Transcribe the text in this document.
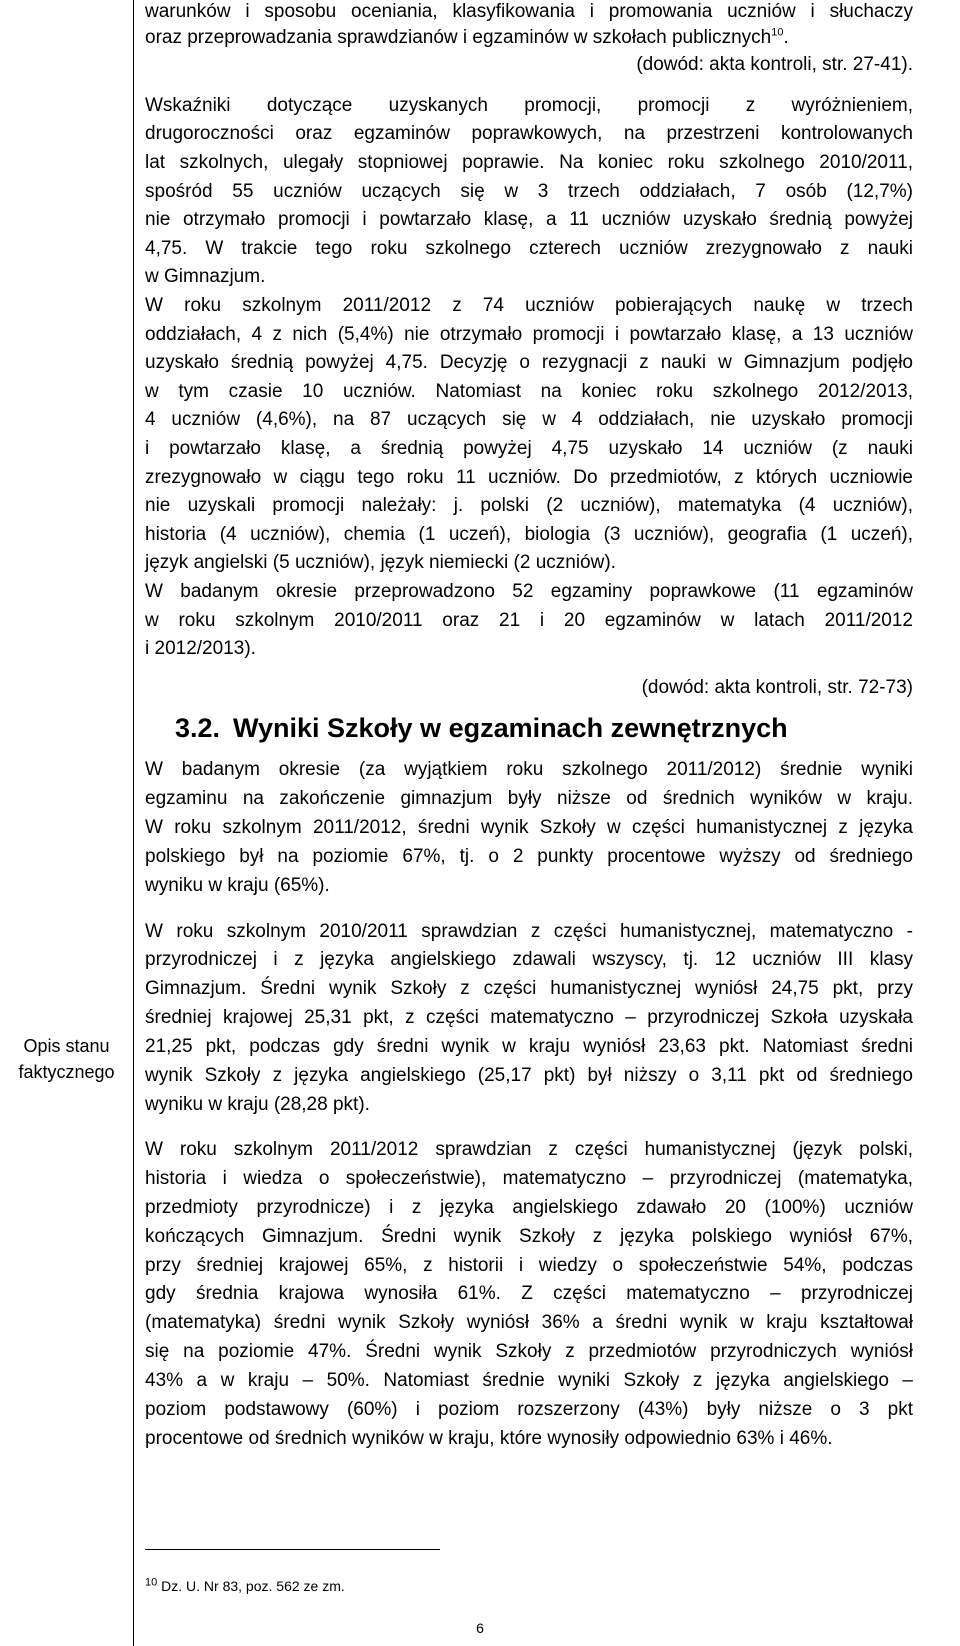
Opis stanu
faktycznego
warunków i sposobu oceniania, klasyfikowania i promowania uczniów i słuchaczy
oraz przeprowadzania sprawdzianów i egzaminów w szkołach publicznych$^{10}$.
(dowód: akta kontroli, str. 27-41).
Wskaźniki dotyczące uzyskanych promocji, promocji z wyróżnieniem,
drugoroczności oraz egzaminów poprawkowych, na przestrzeni kontrolowanych
lat szkolnych, ulegały stopniowej poprawie. Na koniec roku szkolnego 2010/2011,
spośród 55 uczniów uczących się w 3 trzech oddziałach, 7 osób (12,7%)
nie otrzymało promocji i powtarzało klasę, a 11 uczniów uzyskało średnią powyżej
4,75. W trakcie tego roku szkolnego czterech uczniów zrezygnowało z nauki
w Gimnazjum.
W roku szkolnym 2011/2012 z 74 uczniów pobierających naukę w trzech
oddziałach, 4 z nich (5,4%) nie otrzymało promocji i powtarzało klasę, a 13 uczniów
uzyskało średnią powyżej 4,75. Decyzję o rezygnacji z nauki w Gimnazjum podjęło
w tym czasie 10 uczniów. Natomiast na koniec roku szkolnego 2012/2013,
4 uczniów (4,6%), na 87 uczących się w 4 oddziałach, nie uzyskało promocji
i powtarzało klasę, a średnią powyżej 4,75 uzyskało 14 uczniów (z nauki
zrezygnowało w ciągu tego roku 11 uczniów. Do przedmiotów, z których uczniowie
nie uzyskali promocji należały: j. polski (2 uczniów), matematyka (4 uczniów),
historia (4 uczniów), chemia (1 uczeń), biologia (3 uczniów), geografia (1 uczeń),
język angielski (5 uczniów), język niemiecki (2 uczniów).
W badanym okresie przeprowadzono 52 egzaminy poprawkowe (11 egzaminów
w roku szkolnym 2010/2011 oraz 21 i 20 egzaminów w latach 2011/2012
i 2012/2013).
(dowód: akta kontroli, str. 72-73)
3.2. Wyniki Szkoły w egzaminach zewnętrznych
W badanym okresie (za wyjątkiem roku szkolnego 2011/2012) średnie wyniki
egzaminu na zakończenie gimnazjum były niższe od średnich wyników w kraju.
W roku szkolnym 2011/2012, średni wynik Szkoły w części humanistycznej z języka
polskiego był na poziomie 67%, tj. o 2 punkty procentowe wyższy od średniego
wyniku w kraju (65%).
W roku szkolnym 2010/2011 sprawdzian z części humanistycznej, matematyczno -
przyrodniczej i z języka angielskiego zdawali wszyscy, tj. 12 uczniów III klasy
Gimnazjum. Średni wynik Szkoły z części humanistycznej wyniósł 24,75 pkt, przy
średniej krajowej 25,31 pkt, z części matematyczno – przyrodniczej Szkoła uzyskała
21,25 pkt, podczas gdy średni wynik w kraju wyniósł 23,63 pkt. Natomiast średni
wynik Szkoły z języka angielskiego (25,17 pkt) był niższy o 3,11 pkt od średniego
wyniku w kraju (28,28 pkt).
W roku szkolnym 2011/2012 sprawdzian z części humanistycznej (język polski,
historia i wiedza o społeczeństwie), matematyczno – przyrodniczej (matematyka,
przedmioty przyrodnicze) i z języka angielskiego zdawało 20 (100%) uczniów
kończących Gimnazjum. Średni wynik Szkoły z języka polskiego wyniósł 67%,
przy średniej krajowej 65%, z historii i wiedzy o społeczeństwie 54%, podczas
gdy średnia krajowa wynosiła 61%. Z części matematyczno – przyrodniczej
(matematyka) średni wynik Szkoły wyniósł 36% a średni wynik w kraju kształtował
się na poziomie 47%. Średni wynik Szkoły z przedmiotów przyrodniczych wyniósł
43% a w kraju – 50%. Natomiast średnie wyniki Szkoły z języka angielskiego –
poziom podstawowy (60%) i poziom rozszerzony (43%) były niższe o 3 pkt
procentowe od średnich wyników w kraju, które wynosiły odpowiednio 63% i 46%.
$^{10}$ Dz. U. Nr 83, poz. 562 ze zm.
6
